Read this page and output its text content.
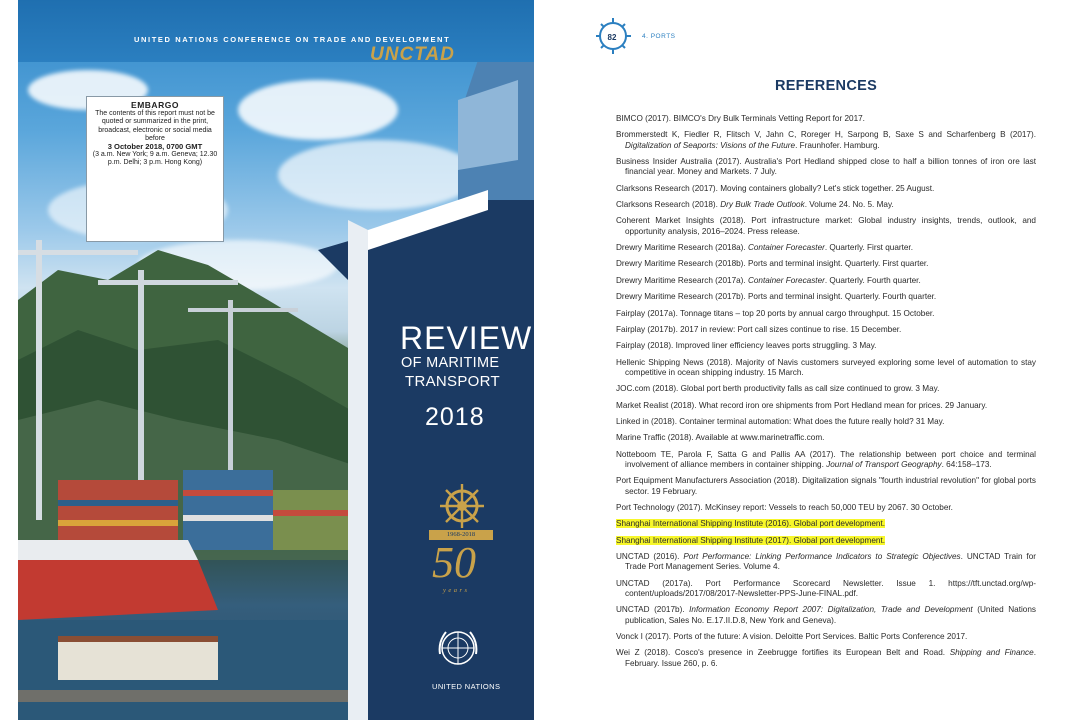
UNITED NATIONS CONFERENCE ON TRADE AND DEVELOPMENT
UNCTAD
EMBARGO
The contents of this report must not be quoted or summarized in the print, broadcast, electronic or social media before
3 October 2018, 0700 GMT
(3 a.m. New York; 9 a.m. Geneva; 12.30 p.m. Delhi; 3 p.m. Hong Kong)
REVIEW
OF MARITIME
TRANSPORT
2018
1968-2018
50
years
UNITED NATIONS
82	4. PORTS
REFERENCES
BIMCO (2017). BIMCO's Dry Bulk Terminals Vetting Report for 2017.
Brommerstedt K, Fiedler R, Flitsch V, Jahn C, Roreger H, Sarpong B, Saxe S and Scharfenberg B (2017). Digitalization of Seaports: Visions of the Future. Fraunhofer. Hamburg.
Business Insider Australia (2017). Australia's Port Hedland shipped close to half a billion tonnes of iron ore last financial year. Money and Markets. 7 July.
Clarksons Research (2017). Moving containers globally? Let's stick together. 25 August.
Clarksons Research (2018). Dry Bulk Trade Outlook. Volume 24. No. 5. May.
Coherent Market Insights (2018). Port infrastructure market: Global industry insights, trends, outlook, and opportunity analysis, 2016–2024. Press release.
Drewry Maritime Research (2018a). Container Forecaster. Quarterly. First quarter.
Drewry Maritime Research (2018b). Ports and terminal insight. Quarterly. First quarter.
Drewry Maritime Research (2017a). Container Forecaster. Quarterly. Fourth quarter.
Drewry Maritime Research (2017b). Ports and terminal insight. Quarterly. Fourth quarter.
Fairplay (2017a). Tonnage titans – top 20 ports by annual cargo throughput. 15 October.
Fairplay (2017b). 2017 in review: Port call sizes continue to rise. 15 December.
Fairplay (2018). Improved liner efficiency leaves ports struggling. 3 May.
Hellenic Shipping News (2018). Majority of Navis customers surveyed exploring some level of automation to stay competitive in ocean shipping industry. 15 March.
JOC.com (2018). Global port berth productivity falls as call size continued to grow. 3 May.
Market Realist (2018). What record iron ore shipments from Port Hedland mean for prices. 29 January.
Linked in (2018). Container terminal automation: What does the future really hold? 31 May.
Marine Traffic (2018). Available at www.marinetraffic.com.
Notteboom TE, Parola F, Satta G and Pallis AA (2017). The relationship between port choice and terminal involvement of alliance members in container shipping. Journal of Transport Geography. 64:158–173.
Port Equipment Manufacturers Association (2018). Digitalization signals "fourth industrial revolution" for global ports sector. 19 February.
Port Technology (2017). McKinsey report: Vessels to reach 50,000 TEU by 2067. 30 October.
Shanghai International Shipping Institute (2016). Global port development.
Shanghai International Shipping Institute (2017). Global port development.
UNCTAD (2016). Port Performance: Linking Performance Indicators to Strategic Objectives. UNCTAD Train for Trade Port Management Series. Volume 4.
UNCTAD (2017a). Port Performance Scorecard Newsletter. Issue 1. https://tft.unctad.org/wp-content/uploads/2017/08/2017-Newsletter-PPS-June-FINAL.pdf.
UNCTAD (2017b). Information Economy Report 2007: Digitalization, Trade and Development (United Nations publication, Sales No. E.17.II.D.8, New York and Geneva).
Vonck I (2017). Ports of the future: A vision. Deloitte Port Services. Baltic Ports Conference 2017.
Wei Z (2018). Cosco's presence in Zeebrugge fortifies its European Belt and Road. Shipping and Finance. February. Issue 260, p. 6.
